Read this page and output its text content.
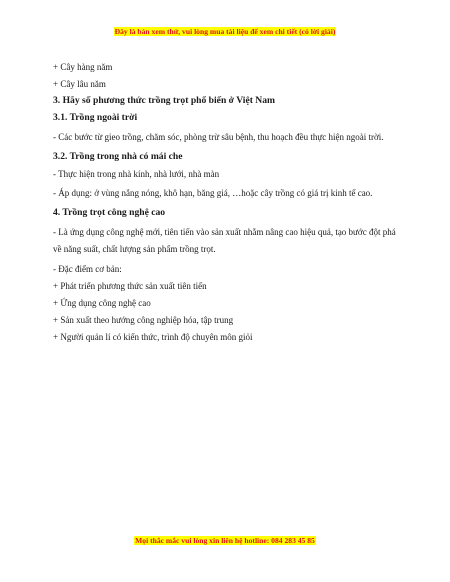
Đây là bản xem thử, vui lòng mua tài liệu để xem chi tiết (có lời giải)
+ Cây hàng năm
+ Cây lâu năm
3. Hãy số phương thức trồng trọt phổ biến ở Việt Nam
3.1. Trồng ngoài trời
- Các bước từ gieo trồng, chăm sóc, phòng trừ sâu bệnh, thu hoạch đều thực hiện ngoài trời.
3.2. Trồng trong nhà có mái che
- Thực hiện trong nhà kính, nhà lưới, nhà màn
- Áp dụng: ở vùng nắng nóng, khô hạn, băng giá, …hoặc cây trồng có giá trị kinh tế cao.
4. Trồng trọt công nghệ cao
- Là ứng dụng công nghệ mới, tiên tiến vào sản xuất nhằm nâng cao hiệu quả, tạo bước đột phá về năng suất, chất lượng sản phẩm trồng trọt.
- Đặc điểm cơ bản:
+ Phát triển phương thức sản xuất tiên tiến
+ Ứng dụng công nghệ cao
+ Sản xuất theo hướng công nghiệp hóa, tập trung
+ Người quản lí có kiến thức, trình độ chuyên môn giỏi
Mọi thắc mắc vui lòng xin liên hệ hotline: 084 283 45 85
